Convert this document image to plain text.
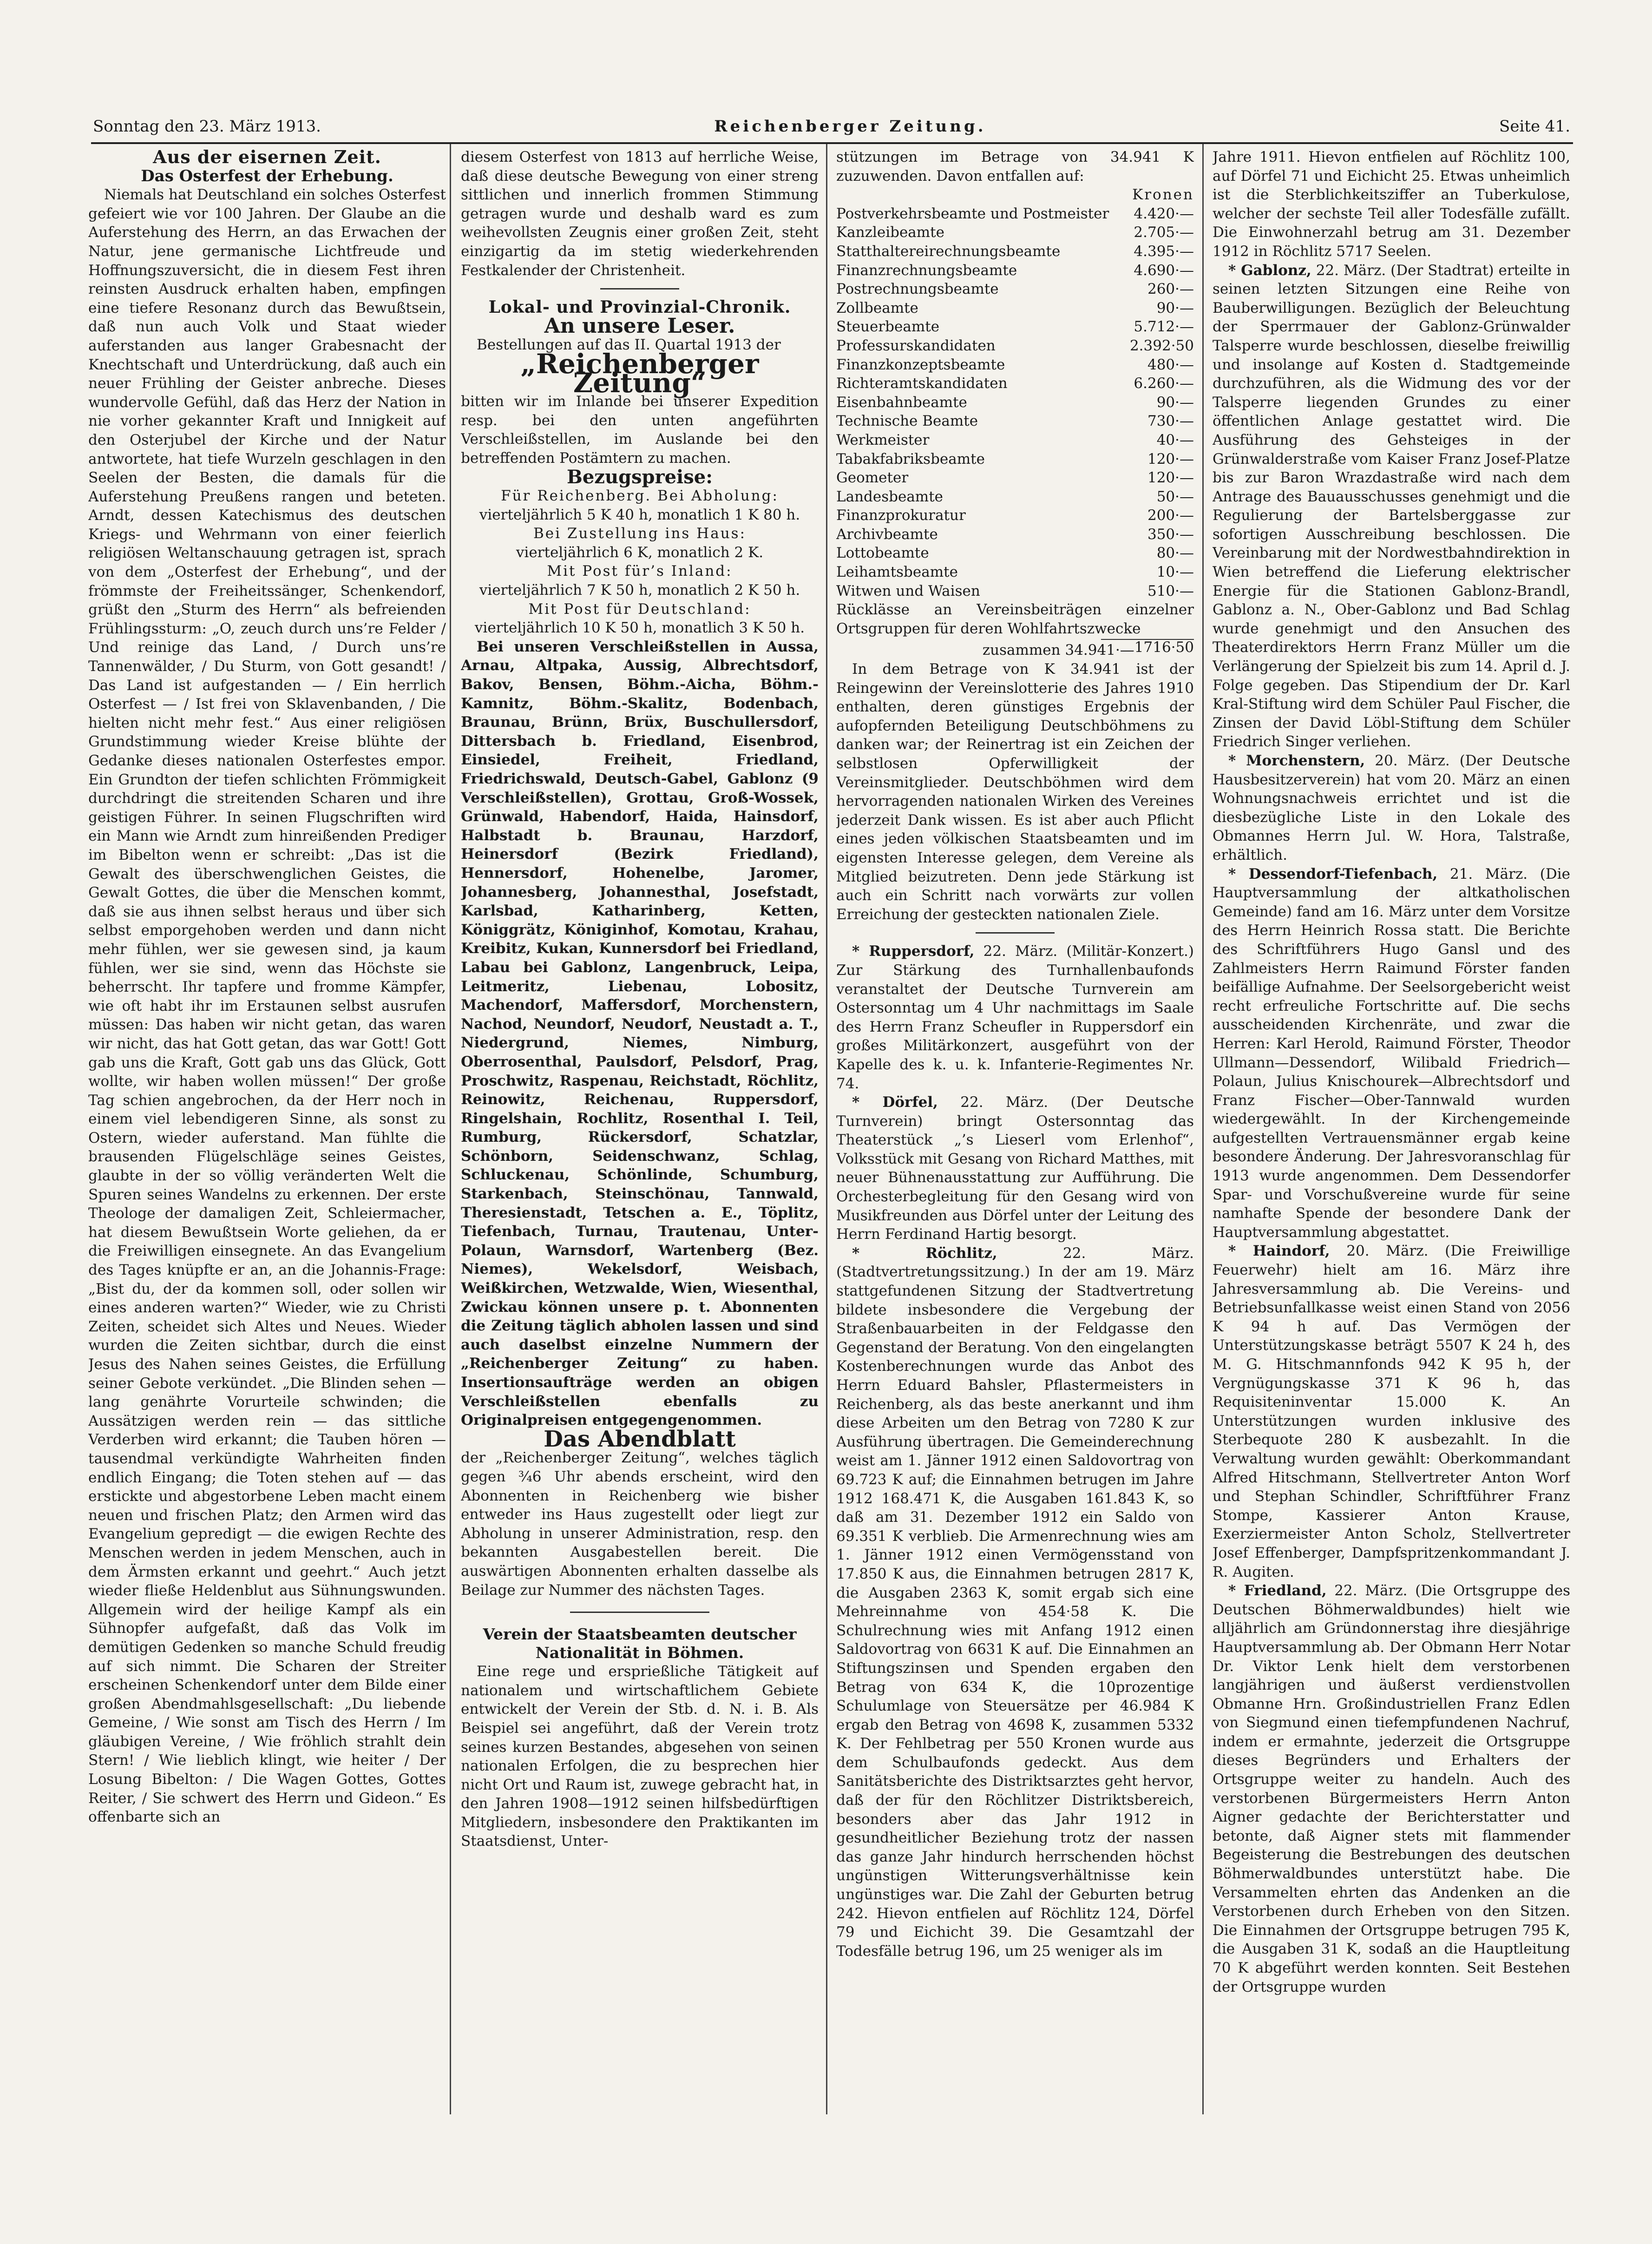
Sonntag den 23. März 1913.	Reichenberger Zeitung.	Seite 41.

Aus der eisernen Zeit.

Das Osterfest der Erhebung.

Niemals hat Deutschland ein solches Osterfest gefeiert wie vor 100 Jahren. Der Glaube an die Auferstehung des Herrn, an das Erwachen der Natur, jene germanische Lichtfreude und Hoffnungszuversicht, die in diesem Fest ihren reinsten Ausdruck erhalten haben, empfingen eine tiefere Resonanz durch das Bewußtsein, daß nun auch Volk und Staat wieder auferstanden aus langer Grabesnacht der Knechtschaft und Unterdrückung, daß auch ein neuer Frühling der Geister anbreche. Dieses wundervolle Gefühl, daß das Herz der Nation in nie vorher gekannter Kraft und Innigkeit auf den Osterjubel der Kirche und der Natur antwortete, hat tiefe Wurzeln geschlagen in den Seelen der Besten, die damals für die Auferstehung Preußens rangen und beteten. Arndt, dessen Katechismus des deutschen Kriegs- und Wehrmann von einer feierlich religiösen Weltanschauung getragen ist, sprach von dem „Osterfest der Erhebung“, und der frömmste der Freiheitssänger, Schenkendorf, grüßt den „Sturm des Herrn“ als befreienden Frühlingssturm: „O, zeuch durch uns’re Felder / Und reinige das Land, / Durch uns’re Tannenwälder, / Du Sturm, von Gott gesandt! / Das Land ist aufgestanden — / Ein herrlich Osterfest — / Ist frei von Sklavenbanden, / Die hielten nicht mehr fest.“ Aus einer religiösen Grundstimmung wieder Kreise blühte der Gedanke dieses nationalen Osterfestes empor. Ein Grundton der tiefen schlichten Frömmigkeit durchdringt die streitenden Scharen und ihre geistigen Führer. In seinen Flugschriften wird ein Mann wie Arndt zum hinreißenden Prediger im Bibelton wenn er schreibt: „Das ist die Gewalt des überschwenglichen Geistes, die Gewalt Gottes, die über die Menschen kommt, daß sie aus ihnen selbst heraus und über sich selbst emporgehoben werden und dann nicht mehr fühlen, wer sie gewesen sind, ja kaum fühlen, wer sie sind, wenn das Höchste sie beherrscht. Ihr tapfere und fromme Kämpfer, wie oft habt ihr im Erstaunen selbst ausrufen müssen: Das haben wir nicht getan, das waren wir nicht, das hat Gott getan, das war Gott! Gott gab uns die Kraft, Gott gab uns das Glück, Gott wollte, wir haben wollen müssen!“ Der große Tag schien angebrochen, da der Herr noch in einem viel lebendigeren Sinne, als sonst zu Ostern, wieder auferstand. Man fühlte die brausenden Flügelschläge seines Geistes, glaubte in der so völlig veränderten Welt die Spuren seines Wandelns zu erkennen. Der erste Theologe der damaligen Zeit, Schleiermacher, hat diesem Bewußtsein Worte geliehen, da er die Freiwilligen einsegnete. An das Evangelium des Tages knüpfte er an, an die Johannis-Frage: „Bist du, der da kommen soll, oder sollen wir eines anderen warten?“ Wieder, wie zu Christi Zeiten, scheidet sich Altes und Neues. Wieder wurden die Zeiten sichtbar, durch die einst Jesus des Nahen seines Geistes, die Erfüllung seiner Gebote verkündet. „Die Blinden sehen — lang genährte Vorurteile schwinden; die Aussätzigen werden rein — das sittliche Verderben wird erkannt; die Tauben hören — tausendmal verkündigte Wahrheiten finden endlich Eingang; die Toten stehen auf — das erstickte und abgestorbene Leben macht einem neuen und frischen Platz; den Armen wird das Evangelium gepredigt — die ewigen Rechte des Menschen werden in jedem Menschen, auch in dem Ärmsten erkannt und geehrt.“ Auch jetzt wieder fließe Heldenblut aus Sühnungswunden. Allgemein wird der heilige Kampf als ein Sühnopfer aufgefaßt, daß das Volk im demütigen Gedenken so manche Schuld freudig auf sich nimmt. Die Scharen der Streiter erscheinen Schenkendorf unter dem Bilde einer großen Abendmahlsgesellschaft: „Du liebende Gemeine, / Wie sonst am Tisch des Herrn / Im gläubigen Vereine, / Wie fröhlich strahlt dein Stern! / Wie lieblich klingt, wie heiter / Der Losung Bibelton: / Die Wagen Gottes, Gottes Reiter, / Sie schwert des Herrn und Gideon.“ Es offenbarte sich an

diesem Osterfest von 1813 auf herrliche Weise, daß diese deutsche Bewegung von einer streng sittlichen und innerlich frommen Stimmung getragen wurde und deshalb ward es zum weihevollsten Zeugnis einer großen Zeit, steht einzigartig da im stetig wiederkehrenden Festkalender der Christenheit.

Lokal- und Provinzial-Chronik.

An unsere Leser.

Bestellungen auf das II. Quartal 1913 der

„Reichenberger Zeitung“

bitten wir im Inlande bei unserer Expedition resp. bei den unten angeführten Verschleißstellen, im Auslande bei den betreffenden Postämtern zu machen.

Bezugspreise:

Für Reichenberg. Bei Abholung:

vierteljährlich 5 K 40 h, monatlich 1 K 80 h.

Bei Zustellung ins Haus:

vierteljährlich 6 K, monatlich 2 K.

Mit Post für’s Inland:

vierteljährlich 7 K 50 h, monatlich 2 K 50 h.

Mit Post für Deutschland:

vierteljährlich 10 K 50 h, monatlich 3 K 50 h.

Bei unseren Verschleißstellen in Aussa, Arnau, Altpaka, Aussig, Albrechtsdorf, Bakov, Bensen, Böhm.-Aicha, Böhm.-Kamnitz, Böhm.-Skalitz, Bodenbach, Braunau, Brünn, Brüx, Buschullersdorf, Dittersbach b. Friedland, Eisenbrod, Einsiedel, Freiheit, Friedland, Friedrichswald, Deutsch-Gabel, Gablonz (9 Verschleißstellen), Grottau, Groß-Wossek, Grünwald, Habendorf, Haida, Hainsdorf, Halbstadt b. Braunau, Harzdorf, Heinersdorf (Bezirk Friedland), Hennersdorf, Hohenelbe, Jaromer, Johannesberg, Johannesthal, Josefstadt, Karlsbad, Katharinberg, Ketten, Königgrätz, Königinhof, Komotau, Krahau, Kreibitz, Kukan, Kunnersdorf bei Friedland, Labau bei Gablonz, Langenbruck, Leipa, Leitmeritz, Liebenau, Lobositz, Machendorf, Maffersdorf, Morchenstern, Nachod, Neundorf, Neudorf, Neustadt a. T., Niedergrund, Niemes, Nimburg, Oberrosenthal, Paulsdorf, Pelsdorf, Prag, Proschwitz, Raspenau, Reichstadt, Röchlitz, Reinowitz, Reichenau, Ruppersdorf, Ringelshain, Rochlitz, Rosenthal I. Teil, Rumburg, Rückersdorf, Schatzlar, Schönborn, Seidenschwanz, Schlag, Schluckenau, Schönlinde, Schumburg, Starkenbach, Steinschönau, Tannwald, Theresienstadt, Tetschen a. E., Töplitz, Tiefenbach, Turnau, Trautenau, Unter-Polaun, Warnsdorf, Wartenberg (Bez. Niemes), Wekelsdorf, Weisbach, Weißkirchen, Wetzwalde, Wien, Wiesenthal, Zwickau können unsere p. t. Abonnenten die Zeitung täglich abholen lassen und sind auch daselbst einzelne Nummern der „Reichenberger Zeitung“ zu haben. Insertionsaufträge werden an obigen Verschleißstellen ebenfalls zu Originalpreisen entgegengenommen.

Das Abendblatt

der „Reichenberger Zeitung“, welches täglich gegen ¾6 Uhr abends erscheint, wird den Abonnenten in Reichenberg wie bisher entweder ins Haus zugestellt oder liegt zur Abholung in unserer Administration, resp. den bekannten Ausgabestellen bereit. Die auswärtigen Abonnenten erhalten dasselbe als Beilage zur Nummer des nächsten Tages.

Verein der Staatsbeamten deutscher Nationalität in Böhmen.

Eine rege und ersprießliche Tätigkeit auf nationalem und wirtschaftlichem Gebiete entwickelt der Verein der Stb. d. N. i. B. Als Beispiel sei angeführt, daß der Verein trotz seines kurzen Bestandes, abgesehen von seinen nationalen Erfolgen, die zu besprechen hier nicht Ort und Raum ist, zuwege gebracht hat, in den Jahren 1908—1912 seinen hilfsbedürftigen Mitgliedern, insbesondere den Praktikanten im Staatsdienst, Unter-

stützungen im Betrage von 34.941 K zuzuwenden. Davon entfallen auf:

Kronen

Postverkehrsbeamte und Postmeister	4.420·—
Kanzleibeamte	2.705·—
Statthaltereirechnungsbeamte	4.395·—
Finanzrechnungsbeamte	4.690·—
Postrechnungsbeamte	260·—
Zollbeamte	90·—
Steuerbeamte	5.712·—
Professurskandidaten	2.392·50
Finanzkonzeptsbeamte	480·—
Richteramtskandidaten	6.260·—
Eisenbahnbeamte	90·—
Technische Beamte	730·—
Werkmeister	40·—
Tabakfabriksbeamte	120·—
Geometer	120·—
Landesbeamte	50·—
Finanzprokuratur	200·—
Archivbeamte	350·—
Lottobeamte	80·—
Leihamtsbeamte	10·—
Witwen und Waisen	510·—

Rücklässe an Vereinsbeiträgen einzelner Ortsgruppen für deren Wohlfahrtszwecke
1716·50

zusammen 34.941·—

In dem Betrage von K 34.941 ist der Reingewinn der Vereinslotterie des Jahres 1910 enthalten, deren günstiges Ergebnis der aufopfernden Beteiligung Deutschböhmens zu danken war; der Reinertrag ist ein Zeichen der selbstlosen Opferwilligkeit der Vereinsmitglieder. Deutschböhmen wird dem hervorragenden nationalen Wirken des Vereines jederzeit Dank wissen. Es ist aber auch Pflicht eines jeden völkischen Staatsbeamten und im eigensten Interesse gelegen, dem Vereine als Mitglied beizutreten. Denn jede Stärkung ist auch ein Schritt nach vorwärts zur vollen Erreichung der gesteckten nationalen Ziele.

* Ruppersdorf, 22. März. (Militär-Konzert.) Zur Stärkung des Turnhallenbaufonds veranstaltet der Deutsche Turnverein am Ostersonntag um 4 Uhr nachmittags im Saale des Herrn Franz Scheufler in Ruppersdorf ein großes Militärkonzert, ausgeführt von der Kapelle des k. u. k. Infanterie-Regimentes Nr. 74.

* Dörfel, 22. März. (Der Deutsche Turnverein) bringt Ostersonntag das Theaterstück „’s Lieserl vom Erlenhof“, Volksstück mit Gesang von Richard Matthes, mit neuer Bühnenausstattung zur Aufführung. Die Orchesterbegleitung für den Gesang wird von Musikfreunden aus Dörfel unter der Leitung des Herrn Ferdinand Hartig besorgt.

* Röchlitz,	22. März. (Stadtvertretungssitzung.) In der am 19. März stattgefundenen Sitzung der Stadtvertretung bildete insbesondere die Vergebung der Straßenbauarbeiten in der Feldgasse den Gegenstand der Beratung. Von den eingelangten Kostenberechnungen wurde das Anbot des Herrn Eduard Bahsler, Pflastermeisters in Reichenberg, als das beste anerkannt und ihm diese Arbeiten um den Betrag von 7280 K zur Ausführung übertragen. Die Gemeinderechnung weist am 1. Jänner 1912 einen Saldovortrag von 69.723 K auf; die Einnahmen betrugen im Jahre 1912 168.471 K, die Ausgaben 161.843 K, so daß am 31. Dezember 1912 ein Saldo von 69.351 K verblieb. Die Armenrechnung wies am 1. Jänner 1912 einen Vermögensstand von 17.850 K aus, die Einnahmen betrugen 2817 K, die Ausgaben 2363 K, somit ergab sich eine Mehreinnahme von 454·58 K. Die Schulrechnung wies mit Anfang 1912 einen Saldovortrag von 6631 K auf. Die Einnahmen an Stiftungszinsen und Spenden ergaben den Betrag von 634 K, die 10prozentige Schulumlage von Steuersätze per 46.984 K ergab den Betrag von 4698 K, zusammen 5332 K. Der Fehlbetrag per 550 Kronen wurde aus dem Schulbaufonds gedeckt. Aus dem Sanitätsberichte des Distriktsarztes geht hervor, daß der für den Röchlitzer Distriktsbereich, besonders aber das Jahr 1912 in gesundheitlicher Beziehung trotz der nassen das ganze Jahr hindurch herrschenden höchst ungünstigen Witterungsverhältnisse kein ungünstiges war. Die Zahl der Geburten betrug 242. Hievon entfielen auf Röchlitz 124, Dörfel 79 und Eichicht 39. Die Gesamtzahl der Todesfälle betrug 196, um 25 weniger als im

Jahre 1911. Hievon entfielen auf Röchlitz 100, auf Dörfel 71 und Eichicht 25. Etwas unheimlich ist die Sterblichkeitsziffer an Tuberkulose, welcher der sechste Teil aller Todesfälle zufällt. Die Einwohnerzahl betrug am 31. Dezember 1912 in Röchlitz 5717 Seelen.

* Gablonz, 22. März. (Der Stadtrat) erteilte in seinen letzten Sitzungen eine Reihe von Bauberwilligungen. Bezüglich der Beleuchtung der Sperrmauer der Gablonz-Grünwalder Talsperre wurde beschlossen, dieselbe freiwillig und insolange auf Kosten d. Stadtgemeinde durchzuführen, als die Widmung des vor der Talsperre liegenden Grundes zu einer öffentlichen Anlage gestattet wird. Die Ausführung des Gehsteiges in der Grünwalderstraße vom Kaiser Franz Josef-Platze bis zur Baron Wrazdastraße wird nach dem Antrage des Bauausschusses genehmigt und die Regulierung der Bartelsberggasse zur sofortigen Ausschreibung beschlossen. Die Vereinbarung mit der Nordwestbahndirektion in Wien betreffend die Lieferung elektrischer Energie für die Stationen Gablonz-Brandl, Gablonz a. N., Ober-Gablonz und Bad Schlag wurde genehmigt und den Ansuchen des Theaterdirektors Herrn Franz Müller um die Verlängerung der Spielzeit bis zum 14. April d. J. Folge gegeben. Das Stipendium der Dr. Karl Kral-Stiftung wird dem Schüler Paul Fischer, die Zinsen der David Löbl-Stiftung dem Schüler Friedrich Singer verliehen.

* Morchenstern, 20. März. (Der Deutsche Hausbesitzerverein) hat vom 20. März an einen Wohnungsnachweis errichtet und ist die diesbezügliche Liste in den Lokale des Obmannes Herrn Jul. W. Hora, Talstraße, erhältlich.

* Dessendorf-Tiefenbach, 21. März. (Die Hauptversammlung der altkatholischen Gemeinde) fand am 16. März unter dem Vorsitze des Herrn Heinrich Rossa statt. Die Berichte des Schriftführers Hugo Gansl und des Zahlmeisters Herrn Raimund Förster fanden beifällige Aufnahme. Der Seelsorgebericht weist recht erfreuliche Fortschritte auf. Die sechs ausscheidenden Kirchenräte, und zwar die Herren: Karl Herold, Raimund Förster, Theodor Ullmann—Dessendorf, Wilibald Friedrich—Polaun, Julius Knischourek—Albrechtsdorf und Franz Fischer—Ober-Tannwald wurden wiedergewählt. In der Kirchengemeinde aufgestellten Vertrauensmänner ergab keine besondere Änderung. Der Jahresvoranschlag für 1913 wurde angenommen. Dem Dessendorfer Spar- und Vorschußvereine wurde für seine namhafte Spende der besondere Dank der Hauptversammlung abgestattet.

* Haindorf, 20. März. (Die Freiwillige Feuerwehr) hielt am 16. März ihre Jahresversammlung ab. Die Vereins- und Betriebsunfallkasse weist einen Stand von 2056 K 94 h auf. Das Vermögen der Unterstützungskasse beträgt 5507 K 24 h, des M. G. Hitschmannfonds 942 K 95 h, der Vergnügungskasse 371 K 96 h, das Requisiteninventar 15.000 K. An Unterstützungen wurden inklusive des Sterbequote 280 K ausbezahlt. In die Verwaltung wurden gewählt: Oberkommandant Alfred Hitschmann, Stellvertreter Anton Worf und Stephan Schindler, Schriftführer Franz Stompe, Kassierer Anton Krause, Exerziermeister Anton Scholz, Stellvertreter Josef Effenberger, Dampfspritzenkommandant J. R. Augiten.

* Friedland, 22. März. (Die Ortsgruppe des Deutschen Böhmerwaldbundes) hielt wie alljährlich am Gründonnerstag ihre diesjährige Hauptversammlung ab. Der Obmann Herr Notar Dr. Viktor Lenk hielt dem verstorbenen langjährigen und äußerst verdienstvollen Obmanne Hrn. Großindustriellen Franz Edlen von Siegmund einen tiefempfundenen Nachruf, indem er ermahnte, jederzeit die Ortsgruppe dieses Begründers und Erhalters der Ortsgruppe weiter zu handeln. Auch des verstorbenen Bürgermeisters Herrn Anton Aigner gedachte der Berichterstatter und betonte, daß Aigner stets mit flammender Begeisterung die Bestrebungen des deutschen Böhmerwaldbundes unterstützt habe. Die Versammelten ehrten das Andenken an die Verstorbenen durch Erheben von den Sitzen. Die Einnahmen der Ortsgruppe betrugen 795 K, die Ausgaben 31 K, sodaß an die Hauptleitung 70 K abgeführt werden konnten. Seit Bestehen der Ortsgruppe wurden
